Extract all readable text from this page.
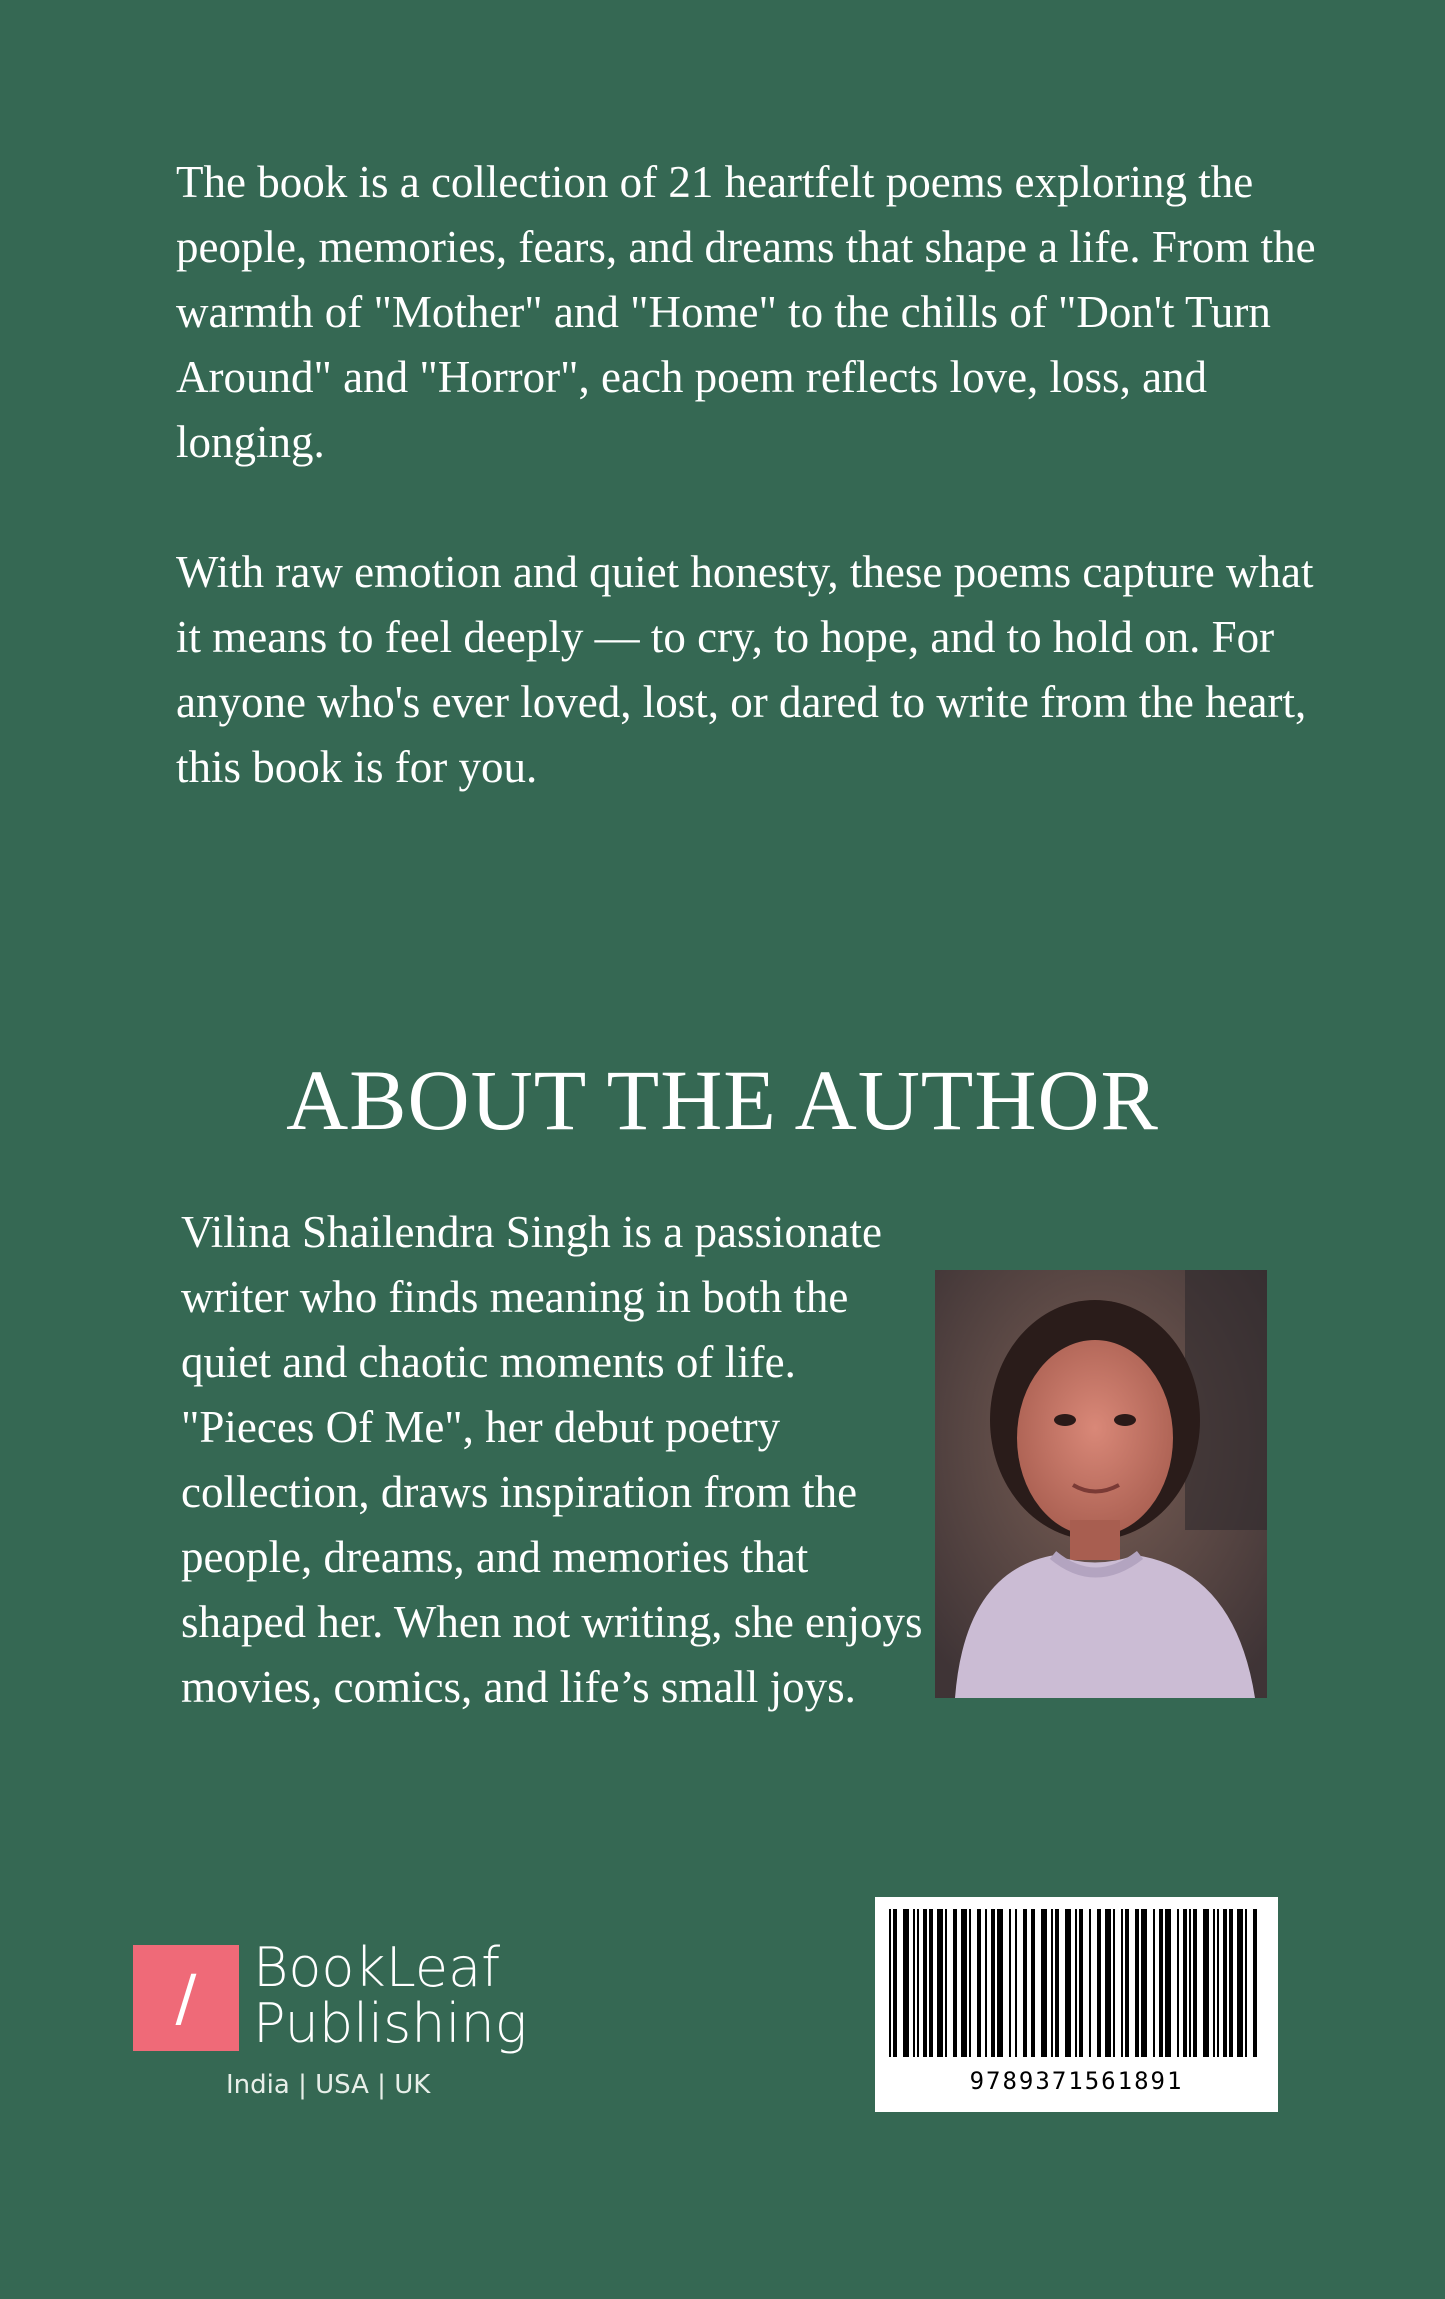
The book is a collection of 21 heartfelt poems exploring the people, memories, fears, and dreams that shape a life. From the warmth of "Mother" and "Home" to the chills of "Don't Turn Around" and "Horror", each poem reflects love, loss, and longing.

With raw emotion and quiet honesty, these poems capture what it means to feel deeply — to cry, to hope, and to hold on. For anyone who's ever loved, lost, or dared to write from the heart, this book is for you.

ABOUT THE AUTHOR

Vilina Shailendra Singh is a passionate writer who finds meaning in both the quiet and chaotic moments of life. "Pieces Of Me", her debut poetry collection, draws inspiration from the people, dreams, and memories that shaped her. When not writing, she enjoys movies, comics, and life’s small joys.

/	BookLeaf
Publishing
India | USA | UK	9789371561891
